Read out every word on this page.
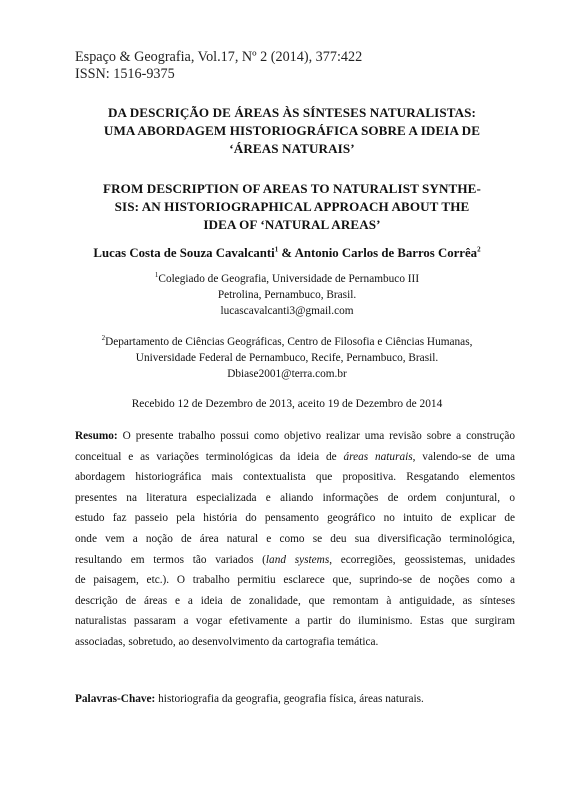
Espaço & Geografia, Vol.17, Nº 2 (2014), 377:422
ISSN: 1516-9375
DA DESCRIÇÃO DE ÁREAS ÀS SÍNTESES NATURALISTAS:
UMA ABORDAGEM HISTORIOGRÁFICA SOBRE A IDEIA DE
‘ÁREAS NATURAIS’
FROM DESCRIPTION OF AREAS TO NATURALIST SYNTHE-
SIS: AN HISTORIOGRAPHICAL APPROACH ABOUT THE
IDEA OF ‘NATURAL AREAS’
Lucas Costa de Souza Cavalcanti$^1$ & Antonio Carlos de Barros Corrêa$^2$
$^1$Colegiado de Geografia, Universidade de Pernambuco III
Petrolina, Pernambuco, Brasil.
lucascavalcanti3@gmail.com
$^2$Departamento de Ciências Geográficas, Centro de Filosofia e Ciências Humanas,
Universidade Federal de Pernambuco, Recife, Pernambuco, Brasil.
Dbiase2001@terra.com.br
Recebido 12 de Dezembro de 2013, aceito 19 de Dezembro de 2014
Resumo: O presente trabalho possui como objetivo realizar uma revisão sobre a construção
conceitual e as variações terminológicas da ideia de áreas naturais, valendo-se de uma
abordagem historiográfica mais contextualista que propositiva. Resgatando elementos
presentes na literatura especializada e aliando informações de ordem conjuntural, o
estudo faz passeio pela história do pensamento geográfico no intuito de explicar de
onde vem a noção de área natural e como se deu sua diversificação terminológica,
resultando em termos tão variados (land systems, ecorregiões, geossistemas, unidades
de paisagem, etc.). O trabalho permitiu esclarece que, suprindo-se de noções como a
descrição de áreas e a ideia de zonalidade, que remontam à antiguidade, as sínteses
naturalistas passaram a vogar efetivamente a partir do iluminismo. Estas que surgiram
associadas, sobretudo, ao desenvolvimento da cartografia temática.
Palavras-Chave: historiografia da geografia, geografia física, áreas naturais.
